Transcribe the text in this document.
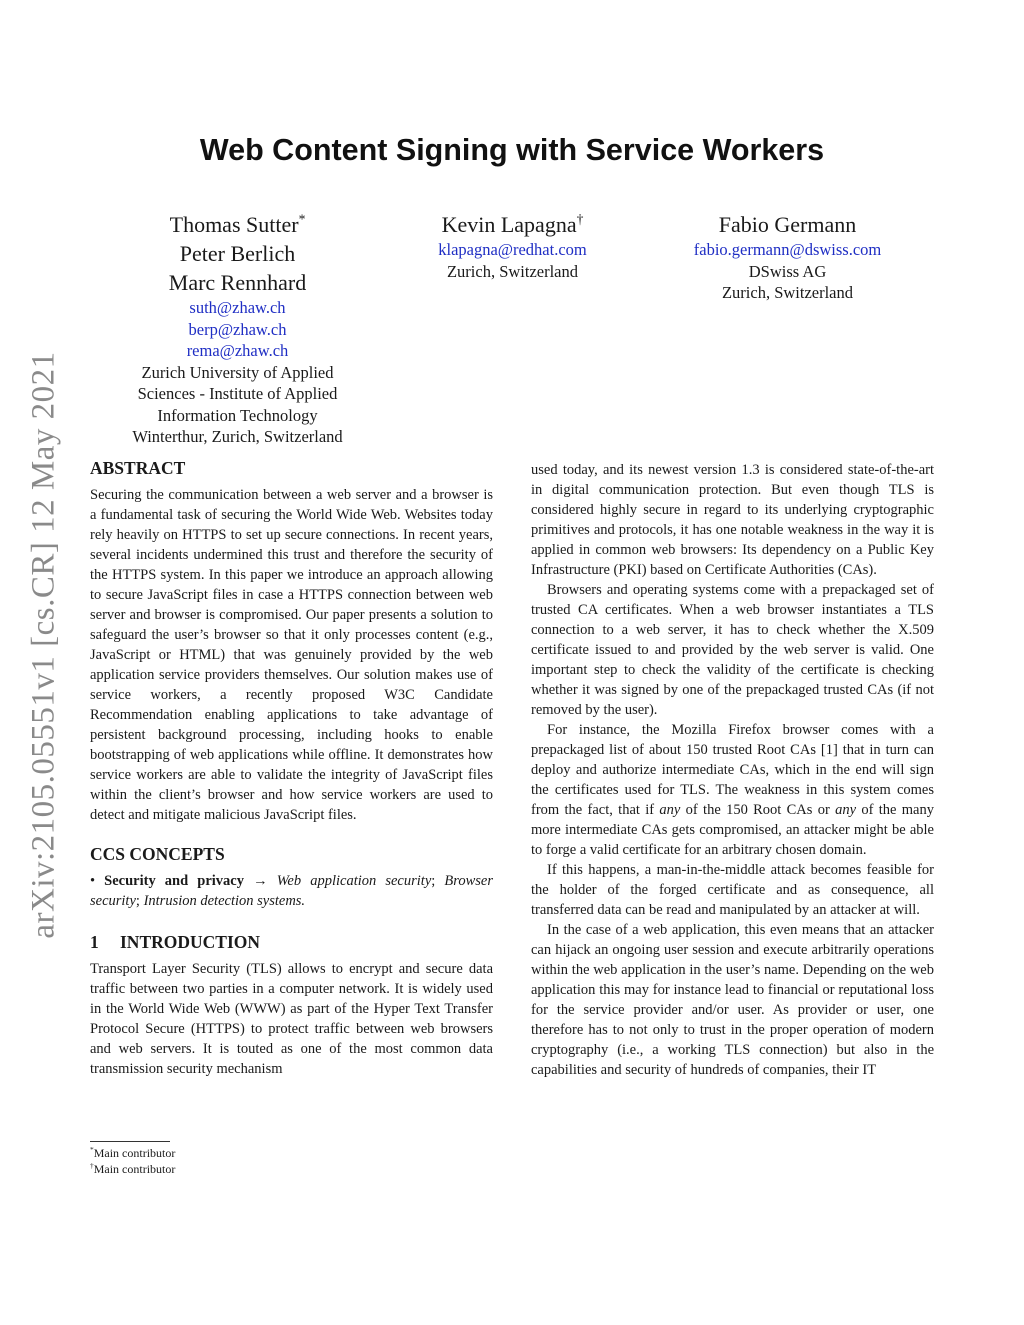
arXiv:2105.05551v1 [cs.CR] 12 May 2021
Web Content Signing with Service Workers
Thomas Sutter*
Peter Berlich
Marc Rennhard
suth@zhaw.ch
berp@zhaw.ch
rema@zhaw.ch
Zurich University of Applied
Sciences - Institute of Applied
Information Technology
Winterthur, Zurich, Switzerland
Kevin Lapagna†
klapagna@redhat.com
Zurich, Switzerland
Fabio Germann
fabio.germann@dswiss.com
DSwiss AG
Zurich, Switzerland
ABSTRACT

Securing the communication between a web server and a browser is a fundamental task of securing the World Wide Web. Websites today rely heavily on HTTPS to set up secure connections. In recent years, several incidents undermined this trust and therefore the security of the HTTPS system. In this paper we introduce an approach allowing to secure JavaScript files in case a HTTPS connection between web server and browser is compromised. Our paper presents a solution to safeguard the user’s browser so that it only processes content (e.g., JavaScript or HTML) that was genuinely provided by the web application service providers themselves. Our solution makes use of service workers, a recently proposed W3C Candidate Recommendation enabling applications to take advantage of persistent background processing, including hooks to enable bootstrapping of web applications while offline. It demonstrates how service workers are able to validate the integrity of JavaScript files within the client’s browser and how service workers are used to detect and mitigate malicious JavaScript files.

CCS CONCEPTS

• Security and privacy → Web application security; Browser security; Intrusion detection systems.

1 INTRODUCTION

Transport Layer Security (TLS) allows to encrypt and secure data traffic between two parties in a computer network. It is widely used in the World Wide Web (WWW) as part of the Hyper Text Transfer Protocol Secure (HTTPS) to protect traffic between web browsers and web servers. It is touted as one of the most common data transmission security mechanism

used today, and its newest version 1.3 is considered state-of-the-art in digital communication protection. But even though TLS is considered highly secure in regard to its underlying cryptographic primitives and protocols, it has one notable weakness in the way it is applied in common web browsers: Its dependency on a Public Key Infrastructure (PKI) based on Certificate Authorities (CAs).

Browsers and operating systems come with a prepackaged set of trusted CA certificates. When a web browser instantiates a TLS connection to a web server, it has to check whether the X.509 certificate issued to and provided by the web server is valid. One important step to check the validity of the certificate is checking whether it was signed by one of the prepackaged trusted CAs (if not removed by the user).

For instance, the Mozilla Firefox browser comes with a prepackaged list of about 150 trusted Root CAs [1] that in turn can deploy and authorize intermediate CAs, which in the end will sign the certificates used for TLS. The weakness in this system comes from the fact, that if any of the 150 Root CAs or any of the many more intermediate CAs gets compromised, an attacker might be able to forge a valid certificate for an arbitrary chosen domain.

If this happens, a man-in-the-middle attack becomes feasible for the holder of the forged certificate and as consequence, all transferred data can be read and manipulated by an attacker at will.

In the case of a web application, this even means that an attacker can hijack an ongoing user session and execute arbitrarily operations within the web application in the user’s name. Depending on the web application this may for instance lead to financial or reputational loss for the service provider and/or user. As provider or user, one therefore has to not only to trust in the proper operation of modern cryptography (i.e., a working TLS connection) but also in the capabilities and security of hundreds of companies, their IT

*Main contributor
†Main contributor
